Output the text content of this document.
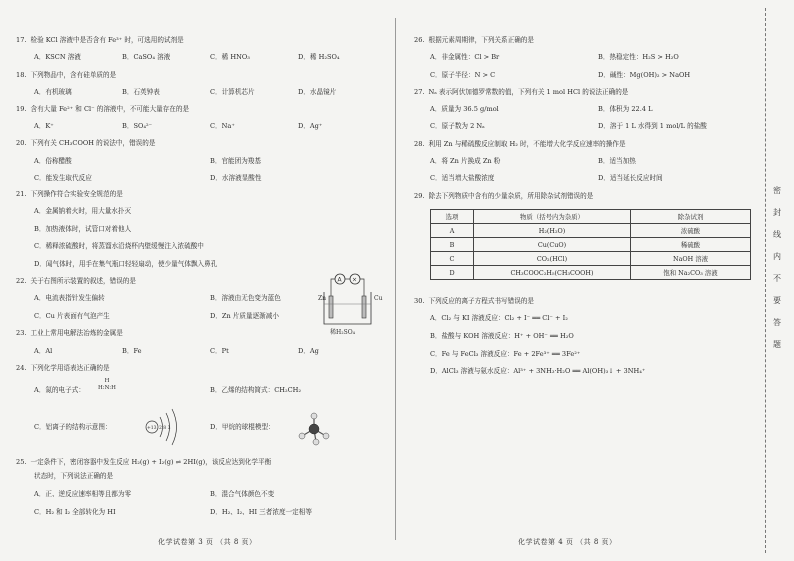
17. 检验 KCl 溶液中是否含有 Fe³⁺ 时，可选用的试剂是
A．KSCN 溶液	B．CaSO₄ 溶液	C．稀 HNO₃	D．稀 H₂SO₄
18. 下列物品中，含有硅单质的是
A．有机玻璃	B．石英钟表	C．计算机芯片	D．水晶镜片
19. 含有大量 Fe²⁺ 和 Cl⁻ 的溶液中，不可能大量存在的是
A．K⁺	B．SO₄²⁻	C．Na⁺	D．Ag⁺
20. 下列有关 CH₃COOH 的说法中，错误的是
A．俗称醋酸	B．官能团为羧基
C．能发生取代反应	D．水溶液显酸性
21. 下列操作符合实验安全规范的是
A．金属钠着火时，用大量水扑灭
B．加热液体时，试管口对着他人
C．稀释浓硫酸时，将蒸馏水沿烧杯内壁缓慢注入浓硫酸中
D．闻气体时，用手在集气瓶口轻轻扇动，使少量气体飘入鼻孔
22. 关于右图所示装置的叙述，错误的是
A．电流表指针发生偏转	B．溶液由无色变为蓝色
C．Cu 片表面有气泡产生	D．Zn 片质量逐渐减小
A ×
Zn	Cu
稀H₂SO₄
23. 工业上常用电解法冶炼的金属是
A．Al	B．Fe	C．Pt	D．Ag
24. 下列化学用语表达正确的是
A．氮的电子式：	B．乙烯的结构简式：CH₂CH₂
H
H:N:H
C．铝离子的结构示意图：	D．甲烷的球棍模型：
+13 2 8 3
25. 一定条件下，密闭容器中发生反应 H₂(g) + I₂(g) ⇌ 2HI(g)，该反应达到化学平衡
状态时，下列说法正确的是
A．正、逆反应速率相等且都为零	B．混合气体颜色不变
C．H₂ 和 I₂ 全部转化为 HI	D．H₂、I₂、HI 三者浓度一定相等
化学试卷第 3 页 （共 8 页）
26. 根据元素周期律，下列关系正确的是
A．非金属性：Cl > Br	B．热稳定性：H₂S > H₂O
C．原子半径：N > C	D．碱性：Mg(OH)₂ > NaOH
27. Nₐ 表示阿伏加德罗常数的值，下列有关 1 mol HCl 的说法正确的是
A．质量为 36.5 g/mol	B．体积为 22.4 L
C．原子数为 2 Nₐ	D．溶于 1 L 水得到 1 mol/L 的盐酸
28. 利用 Zn 与稀硫酸反应制取 H₂ 时，不能增大化学反应速率的操作是
A．将 Zn 片换成 Zn 粉	B．适当加热
C．适当增大盐酸浓度	D．适当延长反应时间
29. 除去下列物质中含有的少量杂质，所用除杂试剂错误的是
30. 下列反应的离子方程式书写错误的是
A．Cl₂ 与 KI 溶液反应：Cl₂ + I⁻ ══ Cl⁻ + I₂
B．盐酸与 KOH 溶液反应：H⁺ + OH⁻ ══ H₂O
C．Fe 与 FeCl₃ 溶液反应：Fe + 2Fe³⁺ ══ 3Fe²⁺
D．AlCl₃ 溶液与氨水反应：Al³⁺ + 3NH₃·H₂O ══ Al(OH)₃↓ + 3NH₄⁺
化学试卷第 4 页 （共 8 页）
选项	物质（括号内为杂质）	除杂试剂
A	H₂(H₂O)	浓硫酸
B	Cu(CuO)	稀硫酸
C	CO₂(HCl)	NaOH 溶液
D	CH₃COOC₂H₅(CH₃COOH)	饱和 Na₂CO₃ 溶液
密 封 线 内 不 要 答 题
